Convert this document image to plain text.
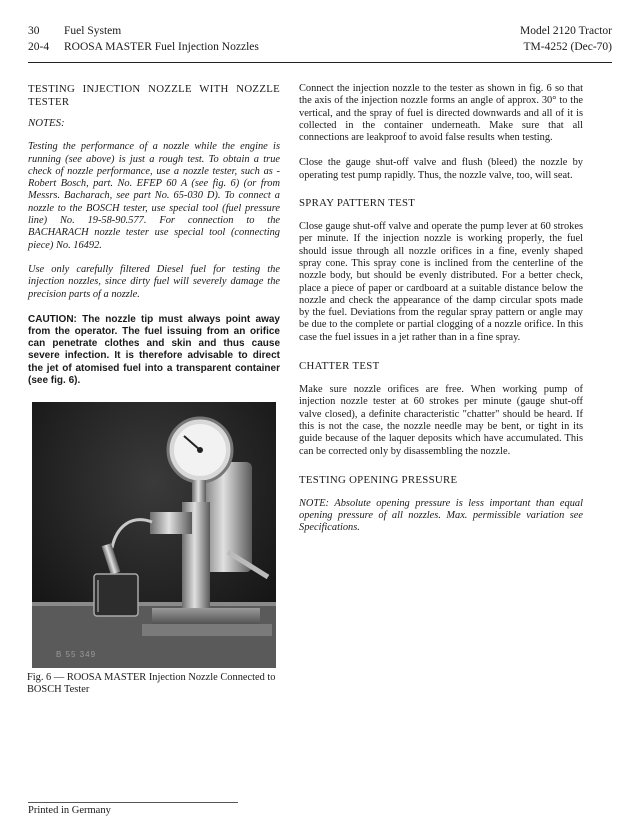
30	Fuel System
20-4	ROOSA MASTER Fuel Injection Nozzles
Model 2120 Tractor
TM-4252 (Dec-70)

TESTING INJECTION NOZZLE WITH NOZZLE TESTER

NOTES:

Testing the performance of a nozzle while the engine is running (see above) is just a rough test. To obtain a true check of nozzle performance, use a nozzle tester, such as - Robert Bosch, part. No. EFEP 60 A (see fig. 6) (or from Messrs. Bacharach, see part No. 65-030 D). To connect a nozzle to the BOSCH tester, use special tool (fuel pressure line) No. 19-58-90.577. For connection to the BACHARACH nozzle tester use special tool (connecting piece) No. 16492.

Use only carefully filtered Diesel fuel for testing the injection nozzles, since dirty fuel will severely damage the precision parts of a nozzle.

CAUTION: The nozzle tip must always point away from the operator. The fuel issuing from an orifice can penetrate clothes and skin and thus cause severe infection. It is therefore advisable to direct the jet of atomised fuel into a transparent container (see fig. 6).

B 55 349
Fig. 6 — ROOSA MASTER Injection Nozzle Connected to BOSCH Tester

Connect the injection nozzle to the tester as shown in fig. 6 so that the axis of the injection nozzle forms an angle of approx. 30° to the vertical, and the spray of fuel is directed downwards and all of it is collected in the container underneath. Make sure that all connections are leakproof to avoid false results when testing.

Close the gauge shut-off valve and flush (bleed) the nozzle by operating test pump rapidly. Thus, the nozzle valve, too, will seat.

SPRAY PATTERN TEST

Close gauge shut-off valve and operate the pump lever at 60 strokes per minute. If the injection nozzle is working properly, the fuel should issue through all nozzle orifices in a fine, evenly shaped spray cone. This spray cone is inclined from the centerline of the nozzle body, but should be evenly distributed. For a better check, place a piece of paper or cardboard at a suitable distance below the nozzle and check the appearance of the damp circular spots made by the fuel. Deviations from the regular spray pattern or angle may be due to the complete or partial clogging of a nozzle orifice. In this case the fuel issues in a jet rather than in a fine spray.

CHATTER TEST

Make sure nozzle orifices are free. When working pump of injection nozzle tester at 60 strokes per minute (gauge shut-off valve closed), a definite characteristic "chatter" should be heard. If this is not the case, the nozzle needle may be bent, or tight in its guide because of the laquer deposits which have accumulated. This can be corrected only by disassembling the nozzle.

TESTING OPENING PRESSURE

NOTE: Absolute opening pressure is less important than equal opening pressure of all nozzles. Max. permissible variation see Specifications.

Printed in Germany
